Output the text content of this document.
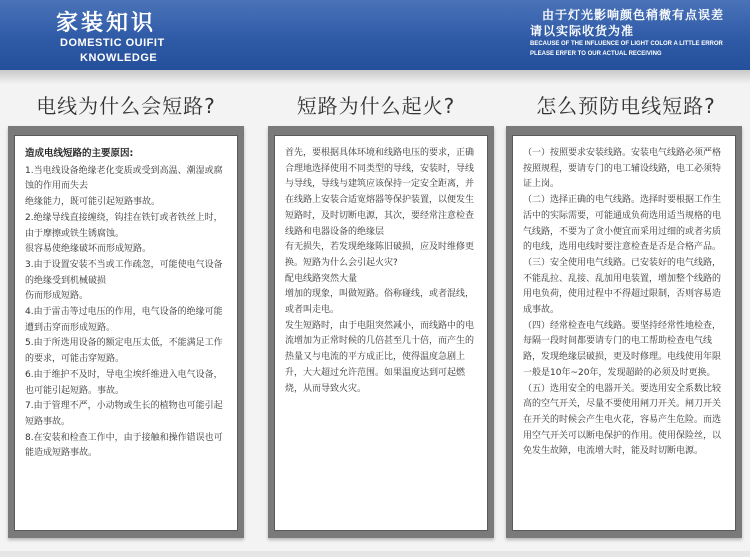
家装知识
DOMESTIC OUIFIT
KNOWLEDGE
由于灯光影响颜色稍微有点误差
请以实际收货为准
BECAUSE OF THE INFLUENCE OF LIGHT COLOR A LITTLE ERROR
PLEASE ERFER TO OUR ACTUAL RECEIVING
电线为什么会短路?	短路为什么起火?	怎么预防电线短路?

造成电线短路的主要原因:

1.当电线设备绝缘老化变质或受到高温、潮湿或腐蚀的作用而失去

绝缘能力，既可能引起短路事故。

2.绝缘导线直接缠绕，钩挂在铁钉或者铁丝上时，由于摩擦或铁生锈腐蚀。

很容易使绝缘破坏而形成短路。

3.由于设置安装不当或工作疏忽，可能使电气设备的绝缘受到机械破损

伤而形成短路。

4.由于雷击等过电压的作用，电气设备的绝缘可能遭到击穿而形成短路。

5.由于所选用设备的额定电压太低，不能满足工作的要求，可能击穿短路。

6.由于维护不及时，导电尘埃纤维进入电气设备，也可能引起短路。事故。

7.由于管理不严，小动物或生长的植物也可能引起短路事故。

8.在安装和检查工作中，由于接触和操作错误也可能造成短路事故。

首先，要根据具体环境和线路电压的要求，正确合理地选择使用不同类型的导线，安装时，导线与导线，导线与建筑应该保持一定安全距离，并在线路上安装合适宽熔器等保护装置，以便发生短路时，及时切断电源，其次，要经常注意检查线路和电器设备的绝缘层

有无损失，若发现绝缘陈旧破损，应及时维修更换。短路为什么会引起火灾?

配电线路突然大量

增加的现象，叫做短路。俗称碰线，或者混线，或者叫走电。

发生短路时，由于电阻突然减小，而线路中的电流增加为正常时候的几倍甚至几十倍，而产生的热量又与电流的平方成正比，使得温度急剧上升，大大超过允许范围。如果温度达到可起燃烧，从而导致火灾。

（一）按照要求安装线路。安装电气线路必须严格按照规程，要请专门的电工辅设线路，电工必须特证上岗。

（二）选择正确的电气线路。选择时要根据工作生活中的实际需要，可能通成负荷选用适当规格的电气线路，不要为了贪小便宜而采用过细的或者劣质的电线，选用电线时要注意检查是否是合格产品。

（三）安全使用电气线路。已安装好的电气线路，不能乱拉、乱接、乱加用电装置，增加整个线路的用电负荷，使用过程中不得超过限制，否则容易造成事故。

（四）经常检查电气线路。要坚持经常性地检查，每隔一段时间都要请专门的电工帮助检查电气线路，发现绝缘层破损，更及时修理。电线使用年限一般是10年~20年，发现超龄的必须及时更换。

（五）选用安全的电器开关。要选用安全系数比较高的空气开关，尽量不要使用闸刀开关。闸刀开关在开关的时候会产生电火花，容易产生危险。而选用空气开关可以断电保护的作用。使用保险丝，以免发生故障，电流增大时，能及时切断电源。
